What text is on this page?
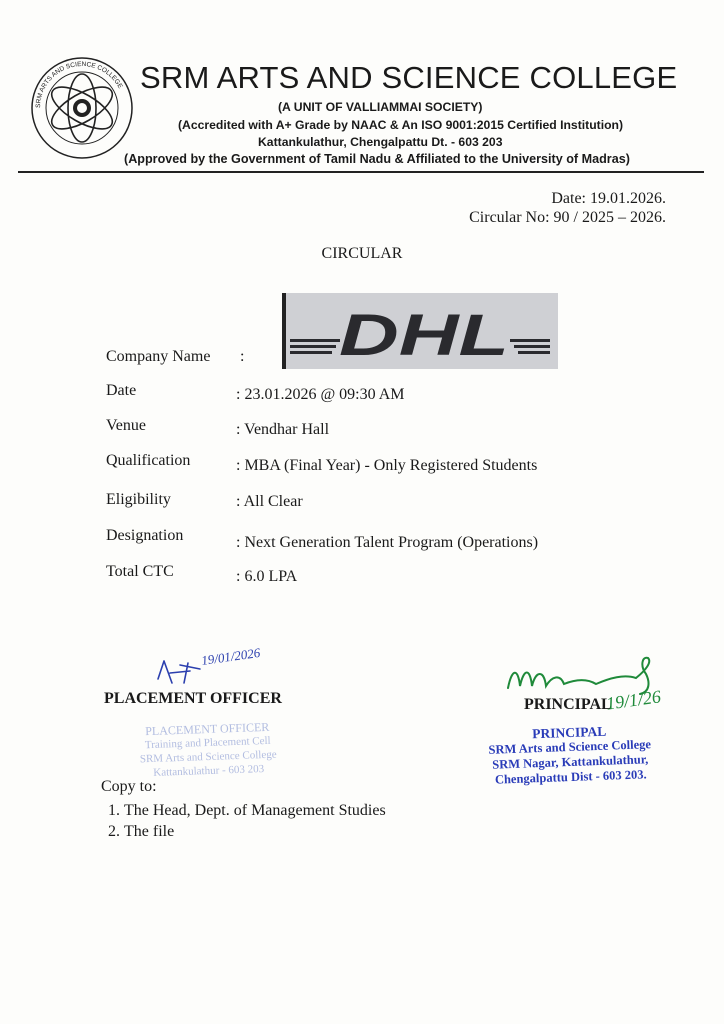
SRM ARTS AND SCIENCE COLLEGE SRM ARTS AND SCIENCE COLLEGE
(A UNIT OF VALLIAMMAI SOCIETY)
(Accredited with A+ Grade by NAAC & An ISO 9001:2015 Certified Institution)
Kattankulathur, Chengalpattu Dt. - 603 203
(Approved by the Government of Tamil Nadu & Affiliated to the University of Madras)
Date: 19.01.2026.
Circular No: 90 / 2025 – 2026.
CIRCULAR
DHL
Company Name :
Date	: 23.01.2026 @ 09:30 AM
Venue	: Vendhar Hall
Qualification	: MBA (Final Year) - Only Registered Students
Eligibility	: All Clear
Designation	: Next Generation Talent Program (Operations)
Total CTC	: 6.0 LPA
19/01/2026
PLACEMENT OFFICER
PLACEMENT OFFICER
Training and Placement Cell
SRM Arts and Science College
Kattankulathur - 603 203
PRINCIPAL
19/1/26
PRINCIPAL
SRM Arts and Science College
SRM Nagar, Kattankulathur,
Chengalpattu Dist - 603 203.
Copy to:
1. The Head, Dept. of Management Studies
2. The file
